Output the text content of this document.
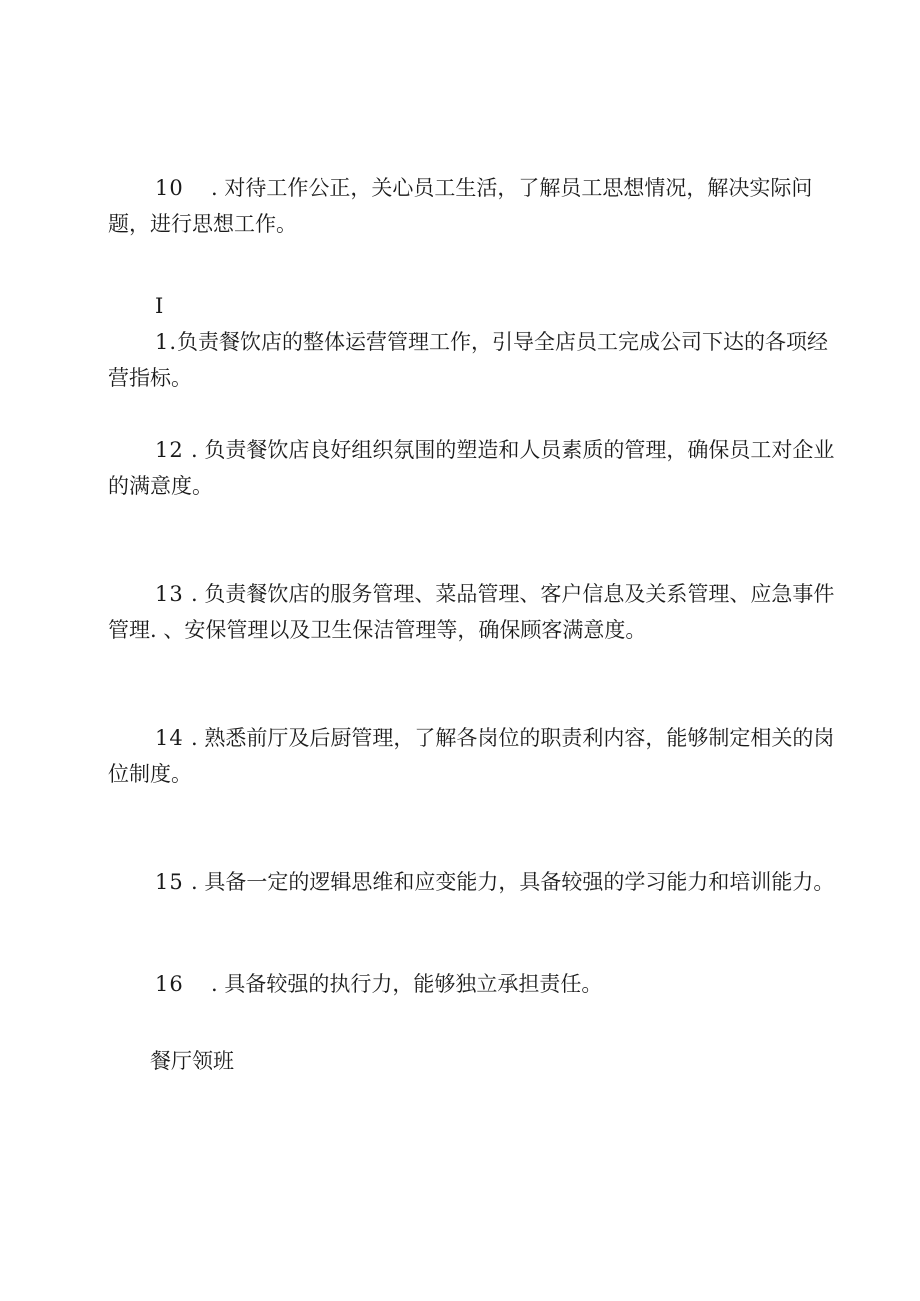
10 . 对待工作公正，关心员工生活，了解员工思想情况，解决实际问题，进行思想工作。

I1.负责餐饮店的整体运营管理工作，引导全店员工完成公司下达的各项经营指标。

12 . 负责餐饮店良好组织氛围的塑造和人员素质的管理，确保员工对企业的满意度。

13 . 负责餐饮店的服务管理、菜品管理、客户信息及关系管理、应急事件管理. 、安保管理以及卫生保洁管理等，确保顾客满意度。

14 . 熟悉前厅及后厨管理，了解各岗位的职责利内容，能够制定相关的岗位制度。

15 . 具备一定的逻辑思维和应变能力，具备较强的学习能力和培训能力。

16 . 具备较强的执行力，能够独立承担责任。

餐厅领班
